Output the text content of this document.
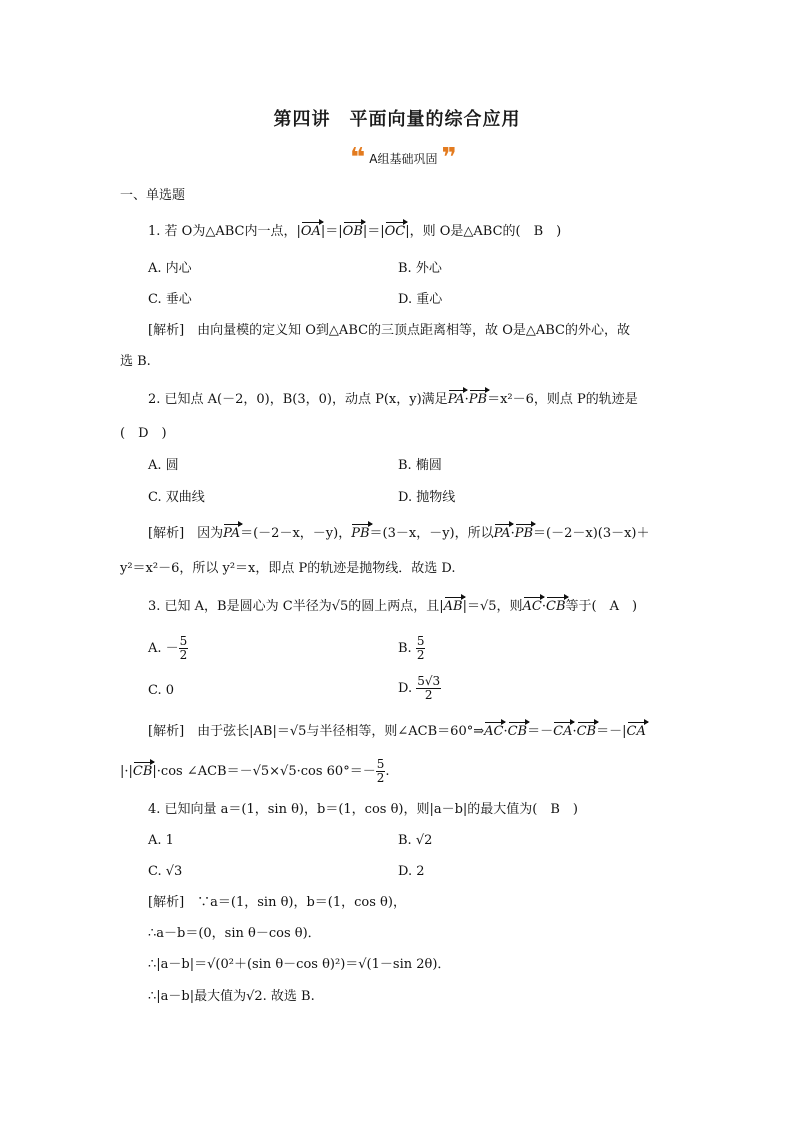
第四讲　平面向量的综合应用
❝ A组基础巩固 ❞
一、单选题
1. 若 O为△ABC内一点，|OA|＝|OB|＝|OC|，则 O是△ABC的(　B　)
A. 内心	B. 外心
C. 垂心	D. 重心
[解析]　由向量模的定义知 O到△ABC的三顶点距离相等，故 O是△ABC的外心，故
选 B.
2. 已知点 A(－2，0)，B(3，0)，动点 P(x，y)满足PA·PB＝x²－6，则点 P的轨迹是
(　D　)
A. 圆	B. 椭圆
C. 双曲线	D. 抛物线
[解析]　因为PA＝(－2－x，－y)，PB＝(3－x，－y)，所以PA·PB＝(－2－x)(3－x)＋
y²＝x²－6，所以 y²＝x，即点 P的轨迹是抛物线．故选 D.
3. 已知 A，B是圆心为 C半径为√5的圆上两点，且|AB|＝√5，则AC·CB等于(　A　)
A. － $\frac{5}{2}$	B. $\frac{5}{2}$
C. 0	D. $\frac{5√3}{2}$
[解析]　由于弦长|AB|＝√5与半径相等，则∠ACB＝60°⇒AC·CB＝－CA·CB＝－|CA
|·|CB|·cos ∠ACB＝－√5×√5·cos $60^\circ=- \frac{5}{2}$ .
4. 已知向量 a＝(1，sin θ)，b＝(1，cos θ)，则|a－b|的最大值为(　B　)
A. 1	B. √2
C. √3	D. 2
[解析]　∵a＝(1，sin θ)，b＝(1，cos θ)，
∴a－b＝(0，sin θ－cos θ)．
∴|a－b|＝√(0²＋(sin θ－cos θ)²)＝√(1－sin 2θ)．
∴|a－b|最大值为√2. 故选 B.
